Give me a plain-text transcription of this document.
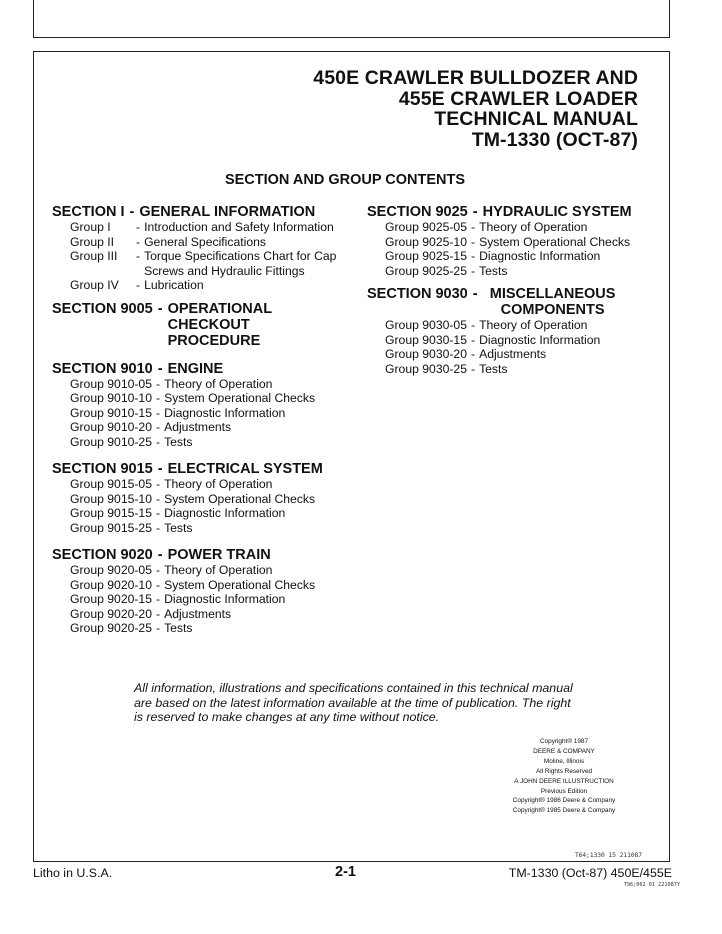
450E CRAWLER BULLDOZER AND
455E CRAWLER LOADER
TECHNICAL MANUAL
TM-1330 (OCT-87)
SECTION AND GROUP CONTENTS
SECTION I - GENERAL INFORMATION
Group I	- Introduction and Safety Information
Group II	- General Specifications
Group III	- Torque Specifications Chart for Cap Screws and Hydraulic Fittings
Group IV	- Lubrication
SECTION 9005 - OPERATIONAL CHECKOUT PROCEDURE
SECTION 9010 - ENGINE
Group 9010-05 - Theory of Operation
Group 9010-10 - System Operational Checks
Group 9010-15 - Diagnostic Information
Group 9010-20 - Adjustments
Group 9010-25 - Tests
SECTION 9015 - ELECTRICAL SYSTEM
Group 9015-05 - Theory of Operation
Group 9015-10 - System Operational Checks
Group 9015-15 - Diagnostic Information
Group 9015-25 - Tests
SECTION 9020 - POWER TRAIN
Group 9020-05 - Theory of Operation
Group 9020-10 - System Operational Checks
Group 9020-15 - Diagnostic Information
Group 9020-20 - Adjustments
Group 9020-25 - Tests
SECTION 9025 - HYDRAULIC SYSTEM
Group 9025-05 - Theory of Operation
Group 9025-10 - System Operational Checks
Group 9025-15 - Diagnostic Information
Group 9025-25 - Tests
SECTION 9030 - MISCELLANEOUS COMPONENTS
Group 9030-05 - Theory of Operation
Group 9030-15 - Diagnostic Information
Group 9030-20 - Adjustments
Group 9030-25 - Tests
All information, illustrations and specifications contained in this technical manual
are based on the latest information available at the time of publication. The right
is reserved to make changes at any time without notice.
Copyright® 1987
DEERE & COMPANY
Moline, Illinois
All Rights Reserved
A JOHN DEERE ILLUSTRUCTION
Previous Edition
Copyright® 1986 Deere & Company
Copyright® 1985 Deere & Company
T64;1330 15 211087
T96;062 01 221087Y
Litho in U.S.A.	2-1	TM-1330 (Oct-87) 450E/455E
